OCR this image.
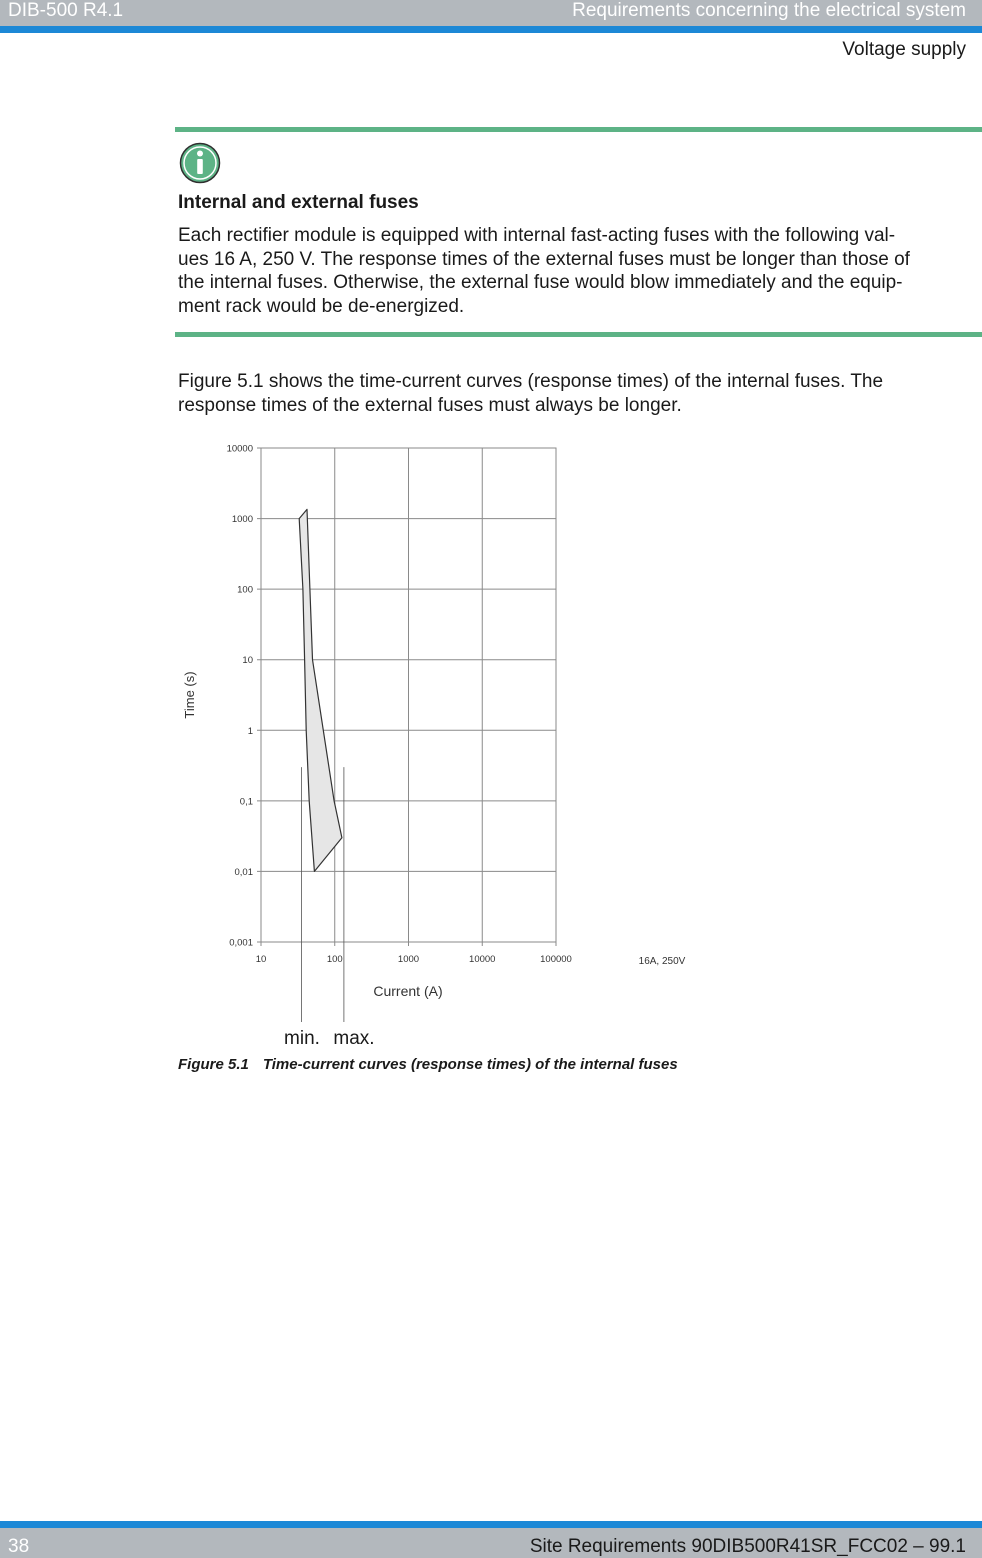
DIB-500 R4.1	Requirements concerning the electrical system
Voltage supply
Internal and external fuses
Each rectifier module is equipped with internal fast-acting fuses with the following val-
ues 16 A, 250 V. The response times of the external fuses must be longer than those of
the internal fuses. Otherwise, the external fuse would blow immediately and the equip-
ment rack would be de-energized.
Figure 5.1 shows the time-current curves (response times) of the internal fuses. The
response times of the external fuses must always be longer.
0,001
0,01
0,1
1
10
100
1000
10000
10	100	1000	10000	100000
Time (s)
Current (A)
16A, 250V
min. max.
Figure 5.1 Time-current curves (response times) of the internal fuses
38	Site Requirements 90DIB500R41SR_FCC02 – 99.1
